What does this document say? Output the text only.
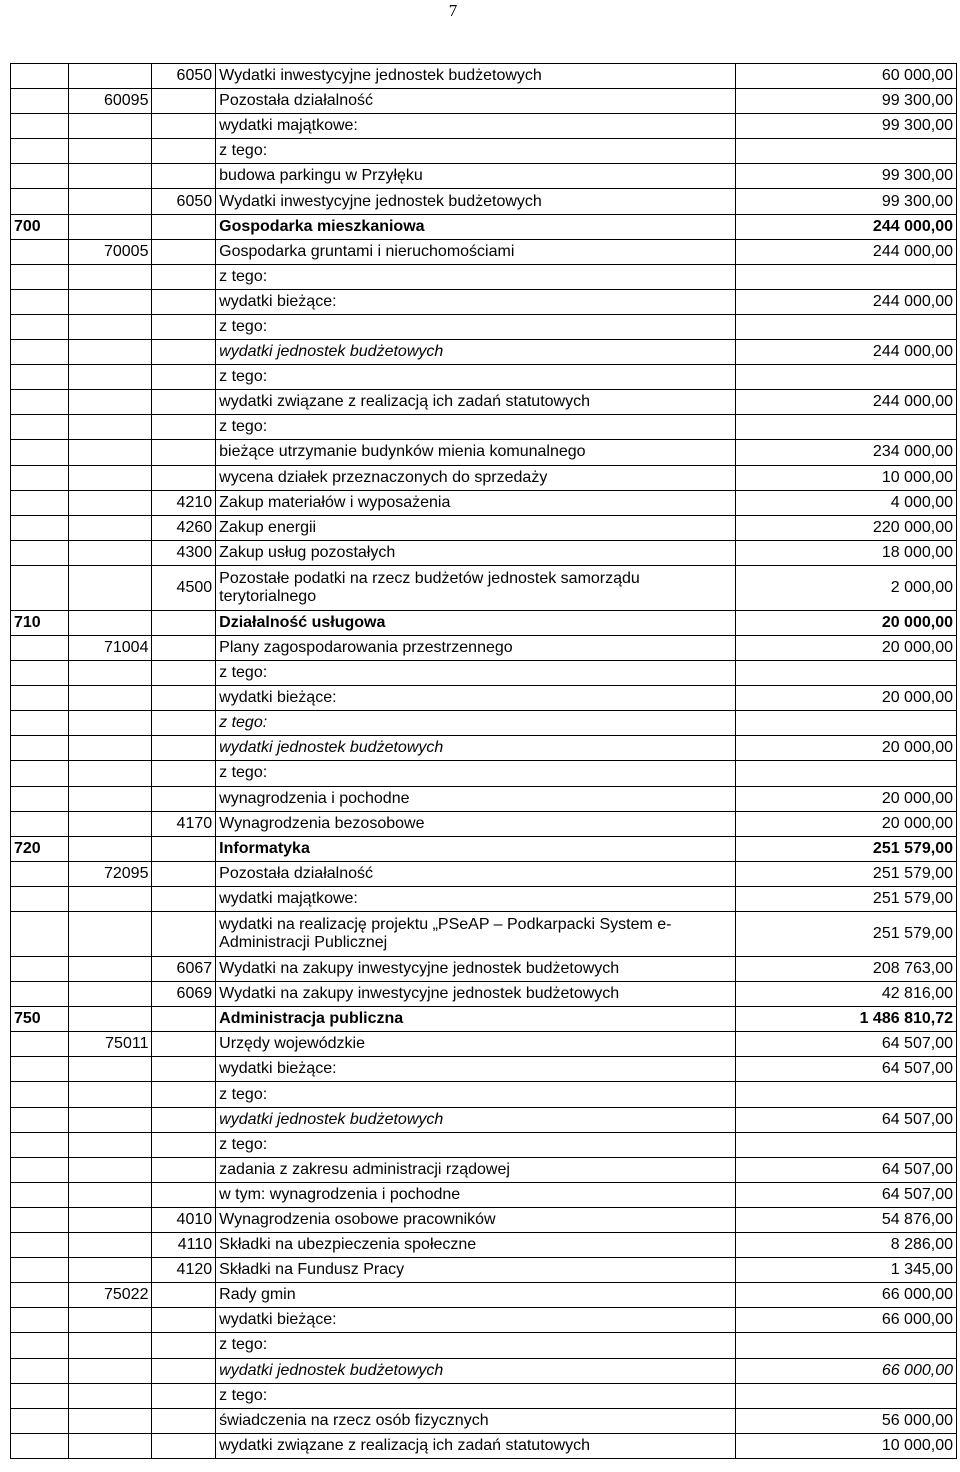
7
		6050	Wydatki inwestycyjne jednostek budżetowych	60 000,00
	60095		Pozostała działalność	99 300,00
			wydatki majątkowe:	99 300,00
			z tego:	
			budowa parkingu w Przyłęku	99 300,00
		6050	Wydatki inwestycyjne jednostek budżetowych	99 300,00
700			Gospodarka mieszkaniowa	244 000,00
	70005		Gospodarka gruntami i nieruchomościami	244 000,00
			z tego:	
			wydatki bieżące:	244 000,00
			z tego:	
			wydatki jednostek budżetowych	244 000,00
			z tego:	
			wydatki związane z realizacją ich zadań statutowych	244 000,00
			z tego:	
			bieżące utrzymanie budynków mienia komunalnego	234 000,00
			wycena działek przeznaczonych do sprzedaży	10 000,00
		4210	Zakup materiałów i wyposażenia	4 000,00
		4260	Zakup energii	220 000,00
		4300	Zakup usług pozostałych	18 000,00
		4500	Pozostałe podatki na rzecz budżetów jednostek samorządu terytorialnego	2 000,00
710			Działalność usługowa	20 000,00
	71004		Plany zagospodarowania przestrzennego	20 000,00
			z tego:	
			wydatki bieżące:	20 000,00
			z tego:	
			wydatki jednostek budżetowych	20 000,00
			z tego:	
			wynagrodzenia i pochodne	20 000,00
		4170	Wynagrodzenia bezosobowe	20 000,00
720			Informatyka	251 579,00
	72095		Pozostała działalność	251 579,00
			wydatki majątkowe:	251 579,00
			wydatki na realizację projektu „PSeAP – Podkarpacki System e-Administracji Publicznej	251 579,00
		6067	Wydatki na zakupy inwestycyjne jednostek budżetowych	208 763,00
		6069	Wydatki na zakupy inwestycyjne jednostek budżetowych	42 816,00
750			Administracja publiczna	1 486 810,72
	75011		Urzędy wojewódzkie	64 507,00
			wydatki bieżące:	64 507,00
			z tego:	
			wydatki jednostek budżetowych	64 507,00
			z tego:	
			zadania z zakresu administracji rządowej	64 507,00
			w tym: wynagrodzenia i pochodne	64 507,00
		4010	Wynagrodzenia osobowe pracowników	54 876,00
		4110	Składki na ubezpieczenia społeczne	8 286,00
		4120	Składki na Fundusz Pracy	1 345,00
	75022		Rady gmin	66 000,00
			wydatki bieżące:	66 000,00
			z tego:	
			wydatki jednostek budżetowych	66 000,00
			z tego:	
			świadczenia na rzecz osób fizycznych	56 000,00
			wydatki związane z realizacją ich zadań statutowych	10 000,00
